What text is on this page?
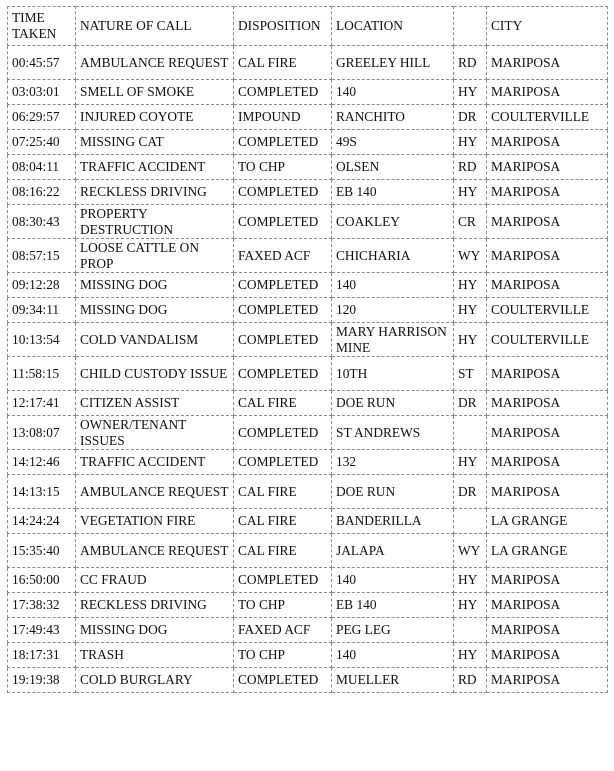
TIME TAKEN	NATURE OF CALL	DISPOSITION	LOCATION		CITY
00:45:57	AMBULANCE REQUEST	CAL FIRE	GREELEY HILL	RD	MARIPOSA
03:03:01	SMELL OF SMOKE	COMPLETED	140	HY	MARIPOSA
06:29:57	INJURED COYOTE	IMPOUND	RANCHITO	DR	COULTERVILLE
07:25:40	MISSING CAT	COMPLETED	49S	HY	MARIPOSA
08:04:11	TRAFFIC ACCIDENT	TO CHP	OLSEN	RD	MARIPOSA
08:16:22	RECKLESS DRIVING	COMPLETED	EB 140	HY	MARIPOSA
08:30:43	PROPERTY DESTRUCTION	COMPLETED	COAKLEY	CR	MARIPOSA
08:57:15	LOOSE CATTLE ON PROP	FAXED ACF	CHICHARIA	WY	MARIPOSA
09:12:28	MISSING DOG	COMPLETED	140	HY	MARIPOSA
09:34:11	MISSING DOG	COMPLETED	120	HY	COULTERVILLE
10:13:54	COLD VANDALISM	COMPLETED	MARY HARRISON MINE	HY	COULTERVILLE
11:58:15	CHILD CUSTODY ISSUE	COMPLETED	10TH	ST	MARIPOSA
12:17:41	CITIZEN ASSIST	CAL FIRE	DOE RUN	DR	MARIPOSA
13:08:07	OWNER/TENANT ISSUES	COMPLETED	ST ANDREWS		MARIPOSA
14:12:46	TRAFFIC ACCIDENT	COMPLETED	132	HY	MARIPOSA
14:13:15	AMBULANCE REQUEST	CAL FIRE	DOE RUN	DR	MARIPOSA
14:24:24	VEGETATION FIRE	CAL FIRE	BANDERILLA		LA GRANGE
15:35:40	AMBULANCE REQUEST	CAL FIRE	JALAPA	WY	LA GRANGE
16:50:00	CC FRAUD	COMPLETED	140	HY	MARIPOSA
17:38:32	RECKLESS DRIVING	TO CHP	EB 140	HY	MARIPOSA
17:49:43	MISSING DOG	FAXED ACF	PEG LEG		MARIPOSA
18:17:31	TRASH	TO CHP	140	HY	MARIPOSA
19:19:38	COLD BURGLARY	COMPLETED	MUELLER	RD	MARIPOSA
